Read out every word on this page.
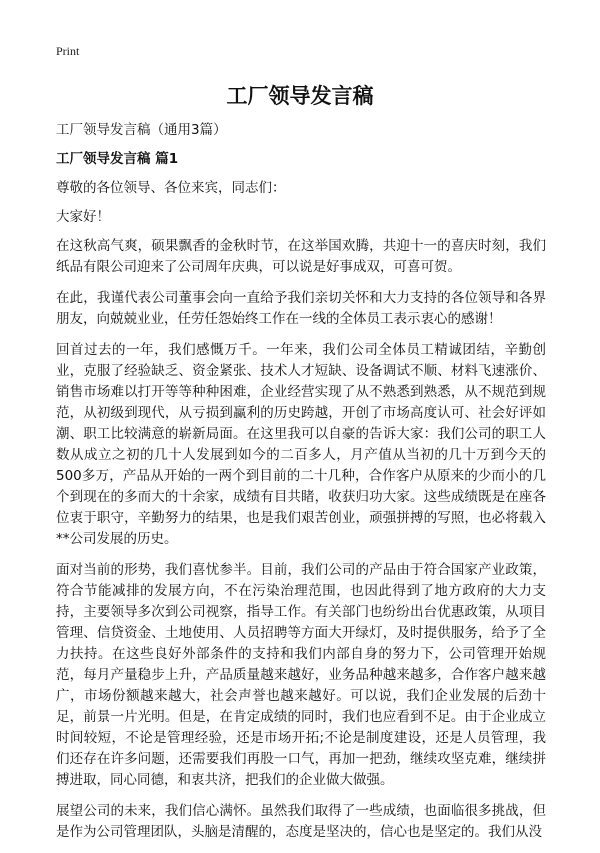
Print
工厂领导发言稿

工厂领导发言稿（通用3篇）

工厂领导发言稿 篇1

尊敬的各位领导、各位来宾，同志们：

大家好！

在这秋高气爽，硕果飘香的金秋时节，在这举国欢腾，共迎十一的喜庆时刻，我们纸品有限公司迎来了公司周年庆典，可以说是好事成双，可喜可贺。

在此，我谨代表公司董事会向一直给予我们亲切关怀和大力支持的各位领导和各界朋友，向兢兢业业，任劳任怨始终工作在一线的全体员工表示衷心的感谢！

回首过去的一年，我们感慨万千。一年来，我们公司全体员工精诚团结，辛勤创业，克服了经验缺乏、资金紧张、技术人才短缺、设备调试不顺、材料飞速涨价、销售市场难以打开等等种种困难，企业经营实现了从不熟悉到熟悉，从不规范到规范，从初级到现代，从亏损到赢利的历史跨越，开创了市场高度认可、社会好评如潮、职工比较满意的崭新局面。在这里我可以自豪的告诉大家：我们公司的职工人数从成立之初的几十人发展到如今的二百多人，月产值从当初的几十万到今天的500多万，产品从开始的一两个到目前的二十几种，合作客户从原来的少而小的几个到现在的多而大的十余家，成绩有目共睹，收获归功大家。这些成绩既是在座各位衷于职守，辛勤努力的结果，也是我们艰苦创业，顽强拼搏的写照，也必将载入**公司发展的历史。

面对当前的形势，我们喜忧参半。目前，我们公司的产品由于符合国家产业政策，符合节能减排的发展方向，不在污染治理范围，也因此得到了地方政府的大力支持，主要领导多次到公司视察，指导工作。有关部门也纷纷出台优惠政策，从项目管理、信贷资金、土地使用、人员招聘等方面大开绿灯，及时提供服务，给予了全力扶持。在这些良好外部条件的支持和我们内部自身的努力下，公司管理开始规范，每月产量稳步上升，产品质量越来越好，业务品种越来越多，合作客户越来越广，市场份额越来越大，社会声誉也越来越好。可以说，我们企业发展的后劲十足，前景一片光明。但是，在肯定成绩的同时，我们也应看到不足。由于企业成立时间较短，不论是管理经验，还是市场开拓;不论是制度建设，还是人员管理，我们还存在许多问题，还需要我们再股一口气，再加一把劲，继续攻坚克难，继续拼搏进取，同心同德，和衷共济，把我们的企业做大做强。

展望公司的未来，我们信心满怀。虽然我们取得了一些成绩，也面临很多挑战，但是作为公司管理团队，头脑是清醒的，态度是坚决的，信心也是坚定的。我们从没
